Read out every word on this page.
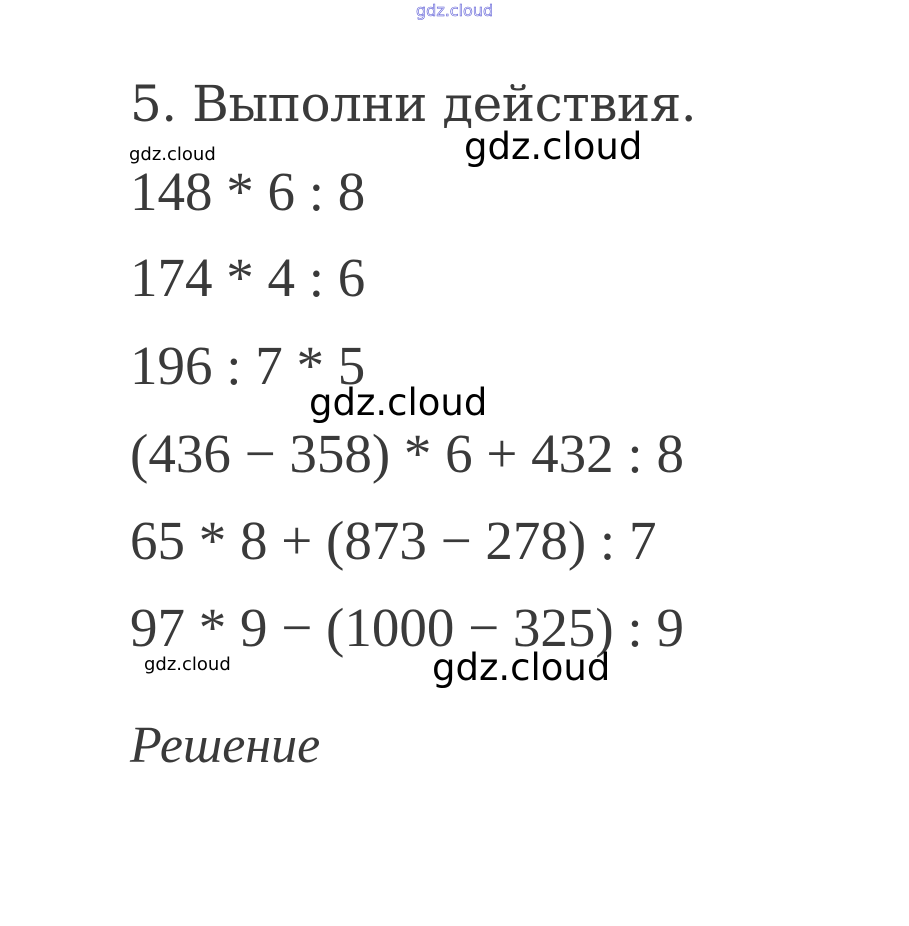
gdz.cloud
5. Выполни действия.
gdz.cloud	gdz.cloud
148 * 6 : 8
174 * 4 : 6
196 : 7 * 5
gdz.cloud
(436 − 358) * 6 + 432 : 8
65 * 8 + (873 − 278) : 7
97 * 9 − (1000 − 325) : 9
gdz.cloud	gdz.cloud
Решение
